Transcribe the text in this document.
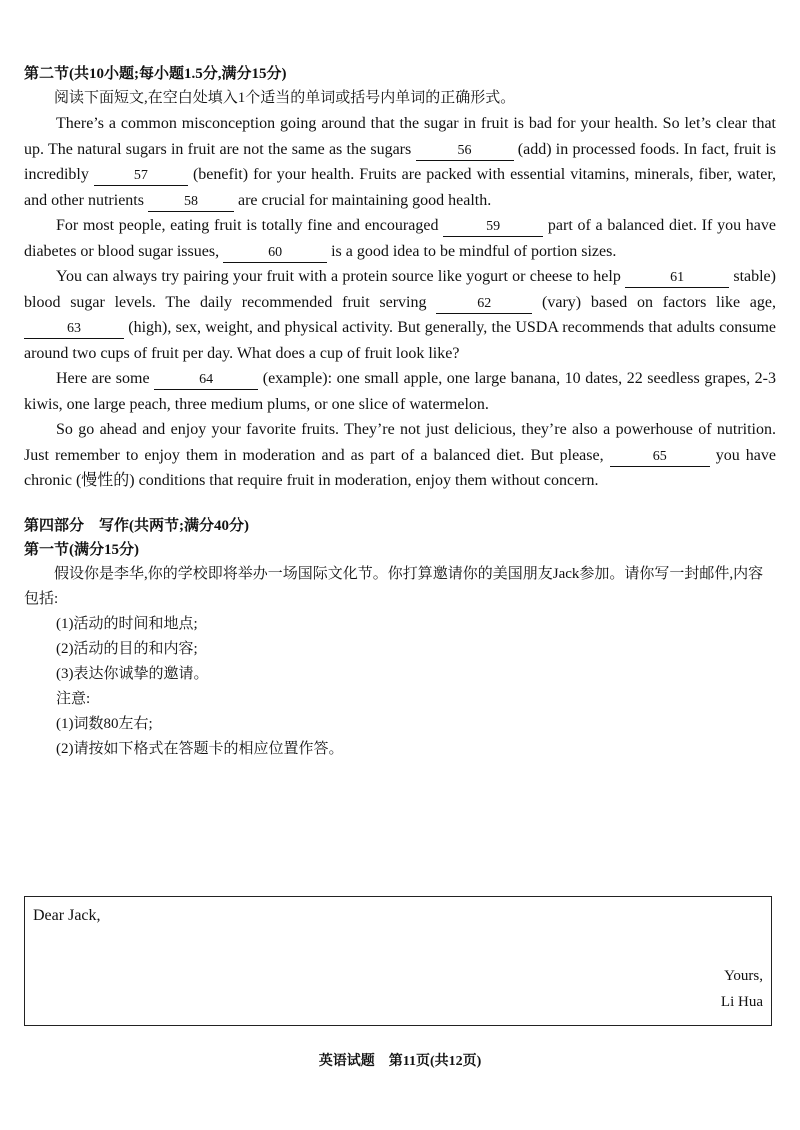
第二节(共10小题;每小题1.5分,满分15分)

阅读下面短文,在空白处填入1个适当的单词或括号内单词的正确形式。

There’s a common misconception going around that the sugar in fruit is bad for your health. So let’s clear that up. The natural sugars in fruit are not the same as the sugars	56	(add) in processed foods. In fact, fruit is incredibly	57	(benefit) for your health. Fruits are packed with essential vitamins, minerals, fiber, water, and other nutrients	58 are crucial for maintaining good health.

For most people, eating fruit is totally fine and encouraged	59	part of a balanced diet. If you have diabetes or blood sugar issues,	60	is a good idea to be mindful of portion sizes.

You can always try pairing your fruit with a protein source like yogurt or cheese to help	61	stable) blood sugar levels. The daily recommended fruit serving	62	(vary) based on factors like age, 63	(high), sex, weight, and physical activity. But generally, the USDA recommends that adults consume around two cups of fruit per day. What does a cup of fruit look like?

Here are some	64	(example): one small apple, one large banana, 10 dates, 22 seedless grapes, 2-3 kiwis, one large peach, three medium plums, or one slice of watermelon.

So go ahead and enjoy your favorite fruits. They’re not just delicious, they’re also a powerhouse of nutrition. Just remember to enjoy them in moderation and as part of a balanced diet. But please,	65	you have chronic (慢性的) conditions that require fruit in moderation, enjoy them without concern.

第四部分　写作(共两节;满分40分)

第一节(满分15分)

假设你是李华,你的学校即将举办一场国际文化节。你打算邀请你的美国朋友Jack参加。请你写一封邮件,内容包括:

(1)活动的时间和地点;

(2)活动的目的和内容;

(3)表达你诚挚的邀请。

注意:

(1)词数80左右;

(2)请按如下格式在答题卡的相应位置作答。

Dear Jack,
Yours,
Li Hua
英语试题　第11页(共12页)
